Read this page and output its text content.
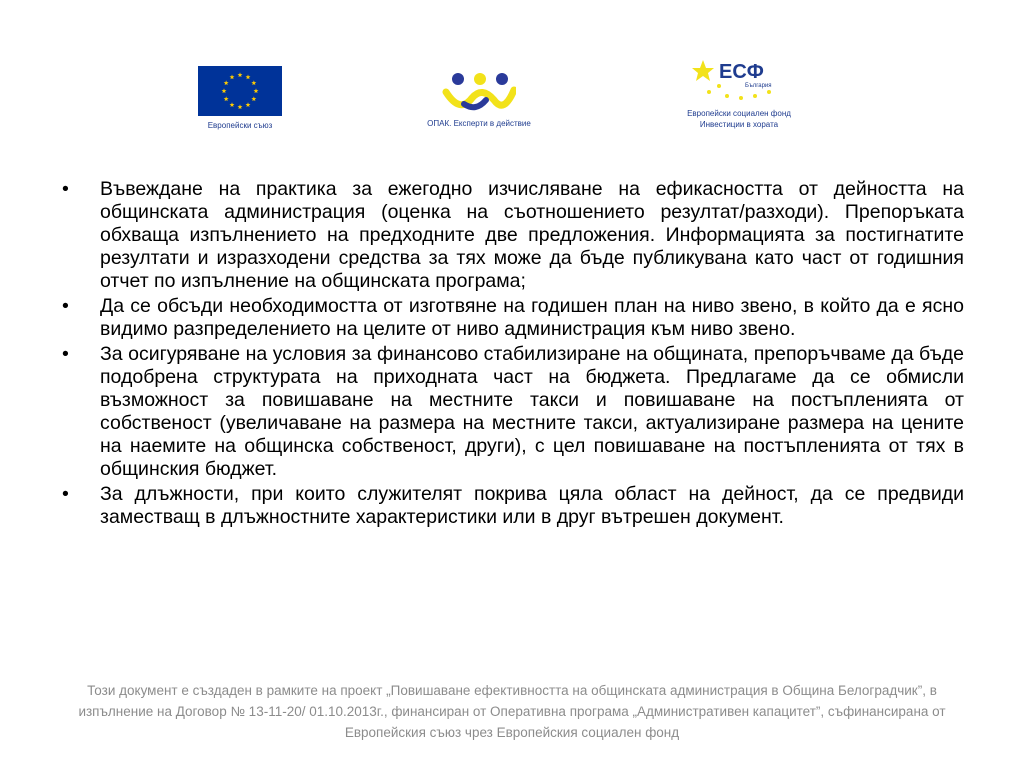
Европейски съюз	ОПАК. Експерти в действие
ЕСФ
България
Европейски социален фонд
Инвестиции в хората
•	Въвеждане на практика за ежегодно изчисляване на ефикасността от дейността на общинската администрация (оценка на съотношението резултат/разходи). Препоръката обхваща изпълнението на предходните две предложения. Информацията за постигнатите резултати и изразходени средства за тях може да бъде публикувана като част от годишния отчет по изпълнение на общинската програма;
•	Да се обсъди необходимостта от изготвяне на годишен план на ниво звено, в който да е ясно видимо разпределението на целите от ниво администрация към ниво звено.
•	За осигуряване на условия за финансово стабилизиране на общината, препоръчваме да бъде подобрена структурата на приходната част на бюджета. Предлагаме да се обмисли възможност за повишаване на местните такси и повишаване на постъпленията от собственост (увеличаване на размера на местните такси, актуализиране размера на цените на наемите на общинска собственост, други), с цел повишаване на постъпленията от тях в общинския бюджет.
•	За длъжности, при които служителят покрива цяла област на дейност, да се предвиди заместващ в длъжностните характеристики или в друг вътрешен документ.
Този документ е създаден в рамките на проект „Повишаване ефективността на общинската администрация в Община Белоградчик”, в изпълнение на Договор № 13-11-20/ 01.10.2013г., финансиран от Оперативна програма „Административен капацитет”, съфинансирана от Европейския съюз чрез Европейския социален фонд
